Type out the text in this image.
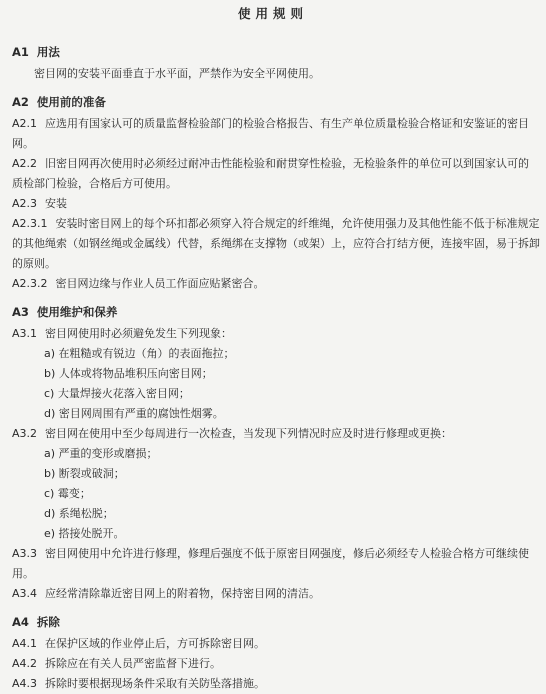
使用规则
A1 用法
密目网的安装平面垂直于水平面，严禁作为安全平网使用。
A2 使用前的准备
A2.1 应选用有国家认可的质量监督检验部门的检验合格报告、有生产单位质量检验合格证和安鉴证的密目网。
A2.2 旧密目网再次使用时必须经过耐冲击性能检验和耐贯穿性检验，无检验条件的单位可以到国家认可的质检部门检验，合格后方可使用。
A2.3 安装
A2.3.1 安装时密目网上的每个环扣都必须穿入符合规定的纤维绳，允许使用强力及其他性能不低于标准规定的其他绳索（如钢丝绳或金属线）代替，系绳绑在支撑物（或架）上，应符合打结方便，连接牢固，易于拆卸的原则。
A2.3.2 密目网边缘与作业人员工作面应贴紧密合。
A3 使用维护和保养
A3.1 密目网使用时必须避免发生下列现象：
a) 在粗糙或有锐边（角）的表面拖拉；
b) 人体或将物品堆积压向密目网；
c) 大量焊接火花落入密目网；
d) 密目网周围有严重的腐蚀性烟雾。
A3.2 密目网在使用中至少每周进行一次检查，当发现下列情况时应及时进行修理或更换：
a) 严重的变形或磨损；
b) 断裂或破洞；
c) 霉变；
d) 系绳松脱；
e) 搭接处脱开。
A3.3 密目网使用中允许进行修理，修理后强度不低于原密目网强度，修后必须经专人检验合格方可继续使用。
A3.4 应经常清除靠近密目网上的附着物，保持密目网的清洁。
A4 拆除
A4.1 在保护区域的作业停止后，方可拆除密目网。
A4.2 拆除应在有关人员严密监督下进行。
A4.3 拆除时要根据现场条件采取有关防坠落措施。
